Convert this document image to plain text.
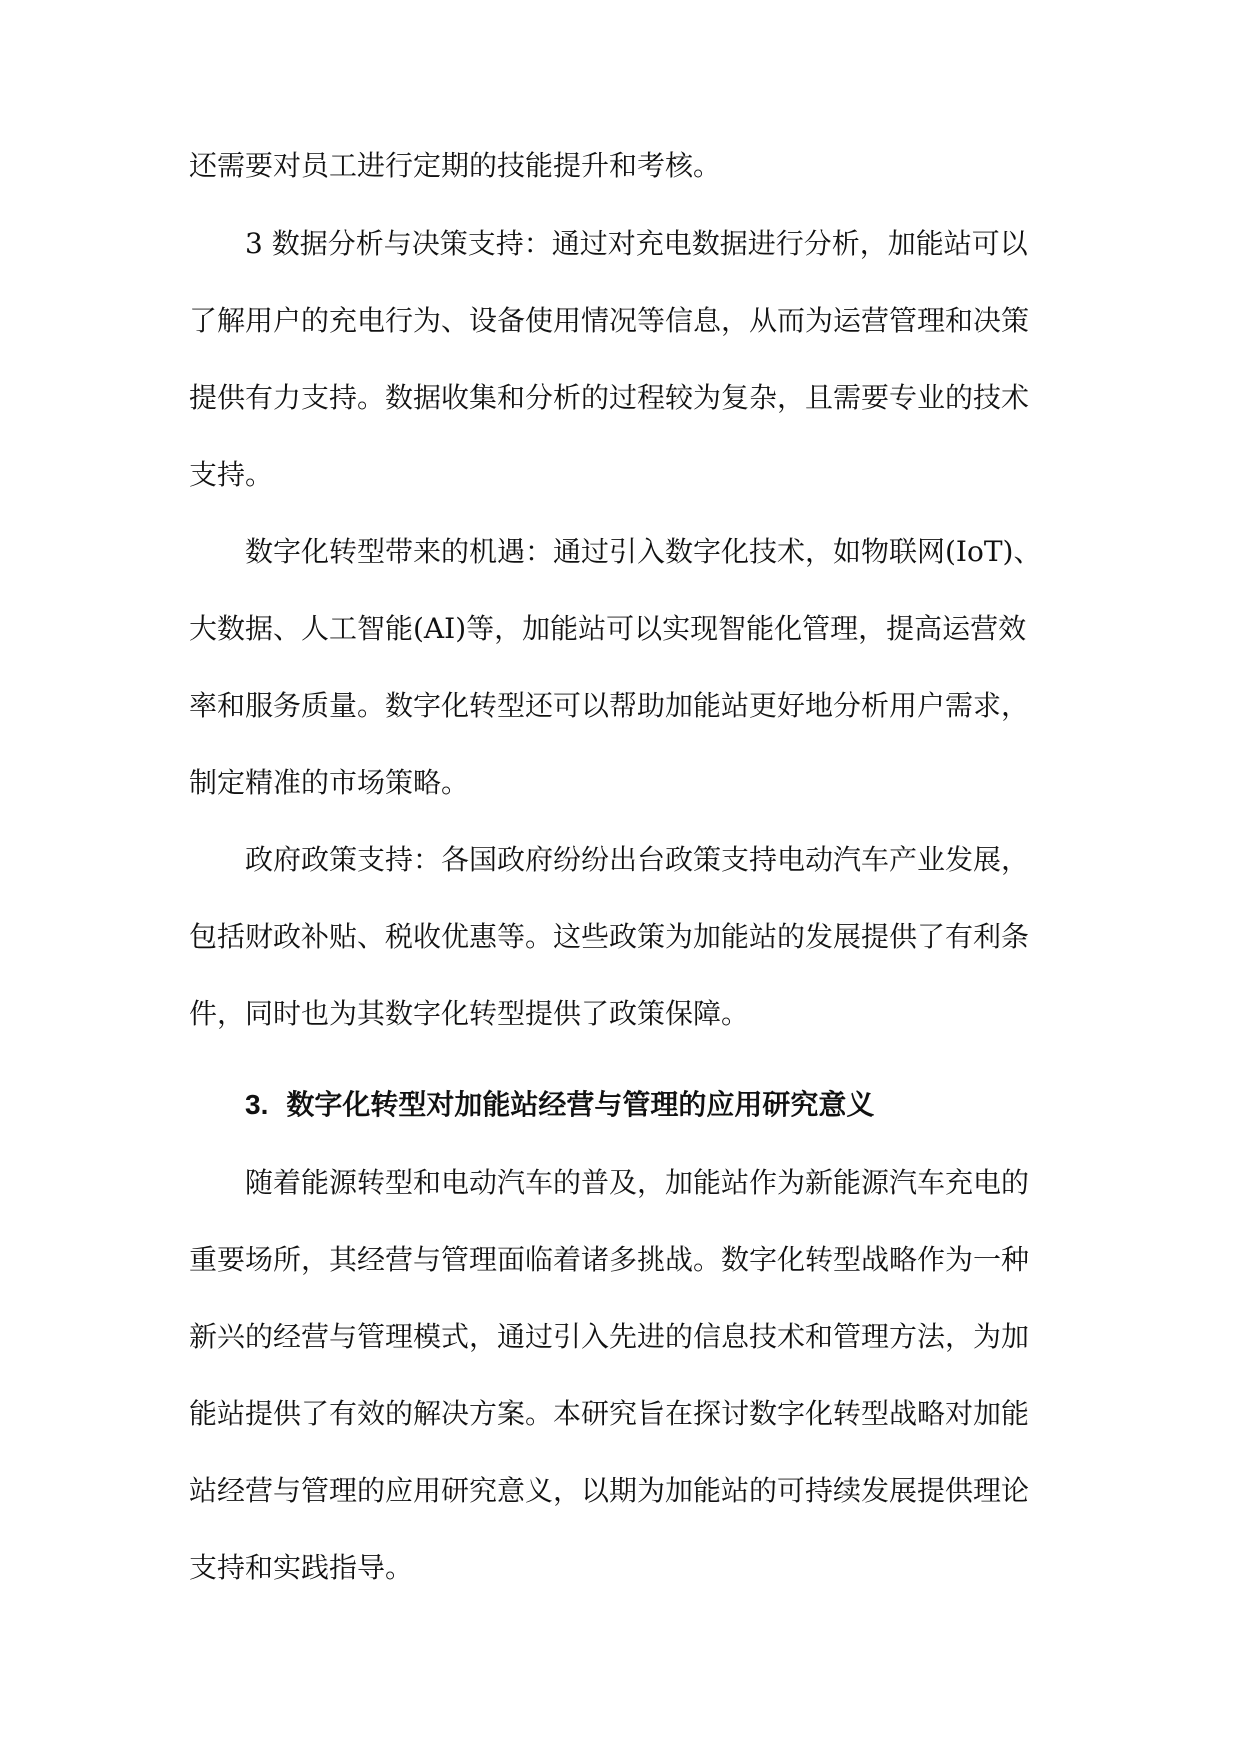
还需要对员工进行定期的技能提升和考核。

3 数据分析与决策支持：通过对充电数据进行分析，加能站可以

了解用户的充电行为、设备使用情况等信息，从而为运营管理和决策

提供有力支持。数据收集和分析的过程较为复杂，且需要专业的技术

支持。

数字化转型带来的机遇：通过引入数字化技术，如物联网(IoT)、

大数据、人工智能(AI)等，加能站可以实现智能化管理，提高运营效

率和服务质量。数字化转型还可以帮助加能站更好地分析用户需求，

制定精准的市场策略。

政府政策支持：各国政府纷纷出台政策支持电动汽车产业发展，

包括财政补贴、税收优惠等。这些政策为加能站的发展提供了有利条

件，同时也为其数字化转型提供了政策保障。

3. 数字化转型对加能站经营与管理的应用研究意义

随着能源转型和电动汽车的普及，加能站作为新能源汽车充电的

重要场所，其经营与管理面临着诸多挑战。数字化转型战略作为一种

新兴的经营与管理模式，通过引入先进的信息技术和管理方法，为加

能站提供了有效的解决方案。本研究旨在探讨数字化转型战略对加能

站经营与管理的应用研究意义，以期为加能站的可持续发展提供理论

支持和实践指导。
